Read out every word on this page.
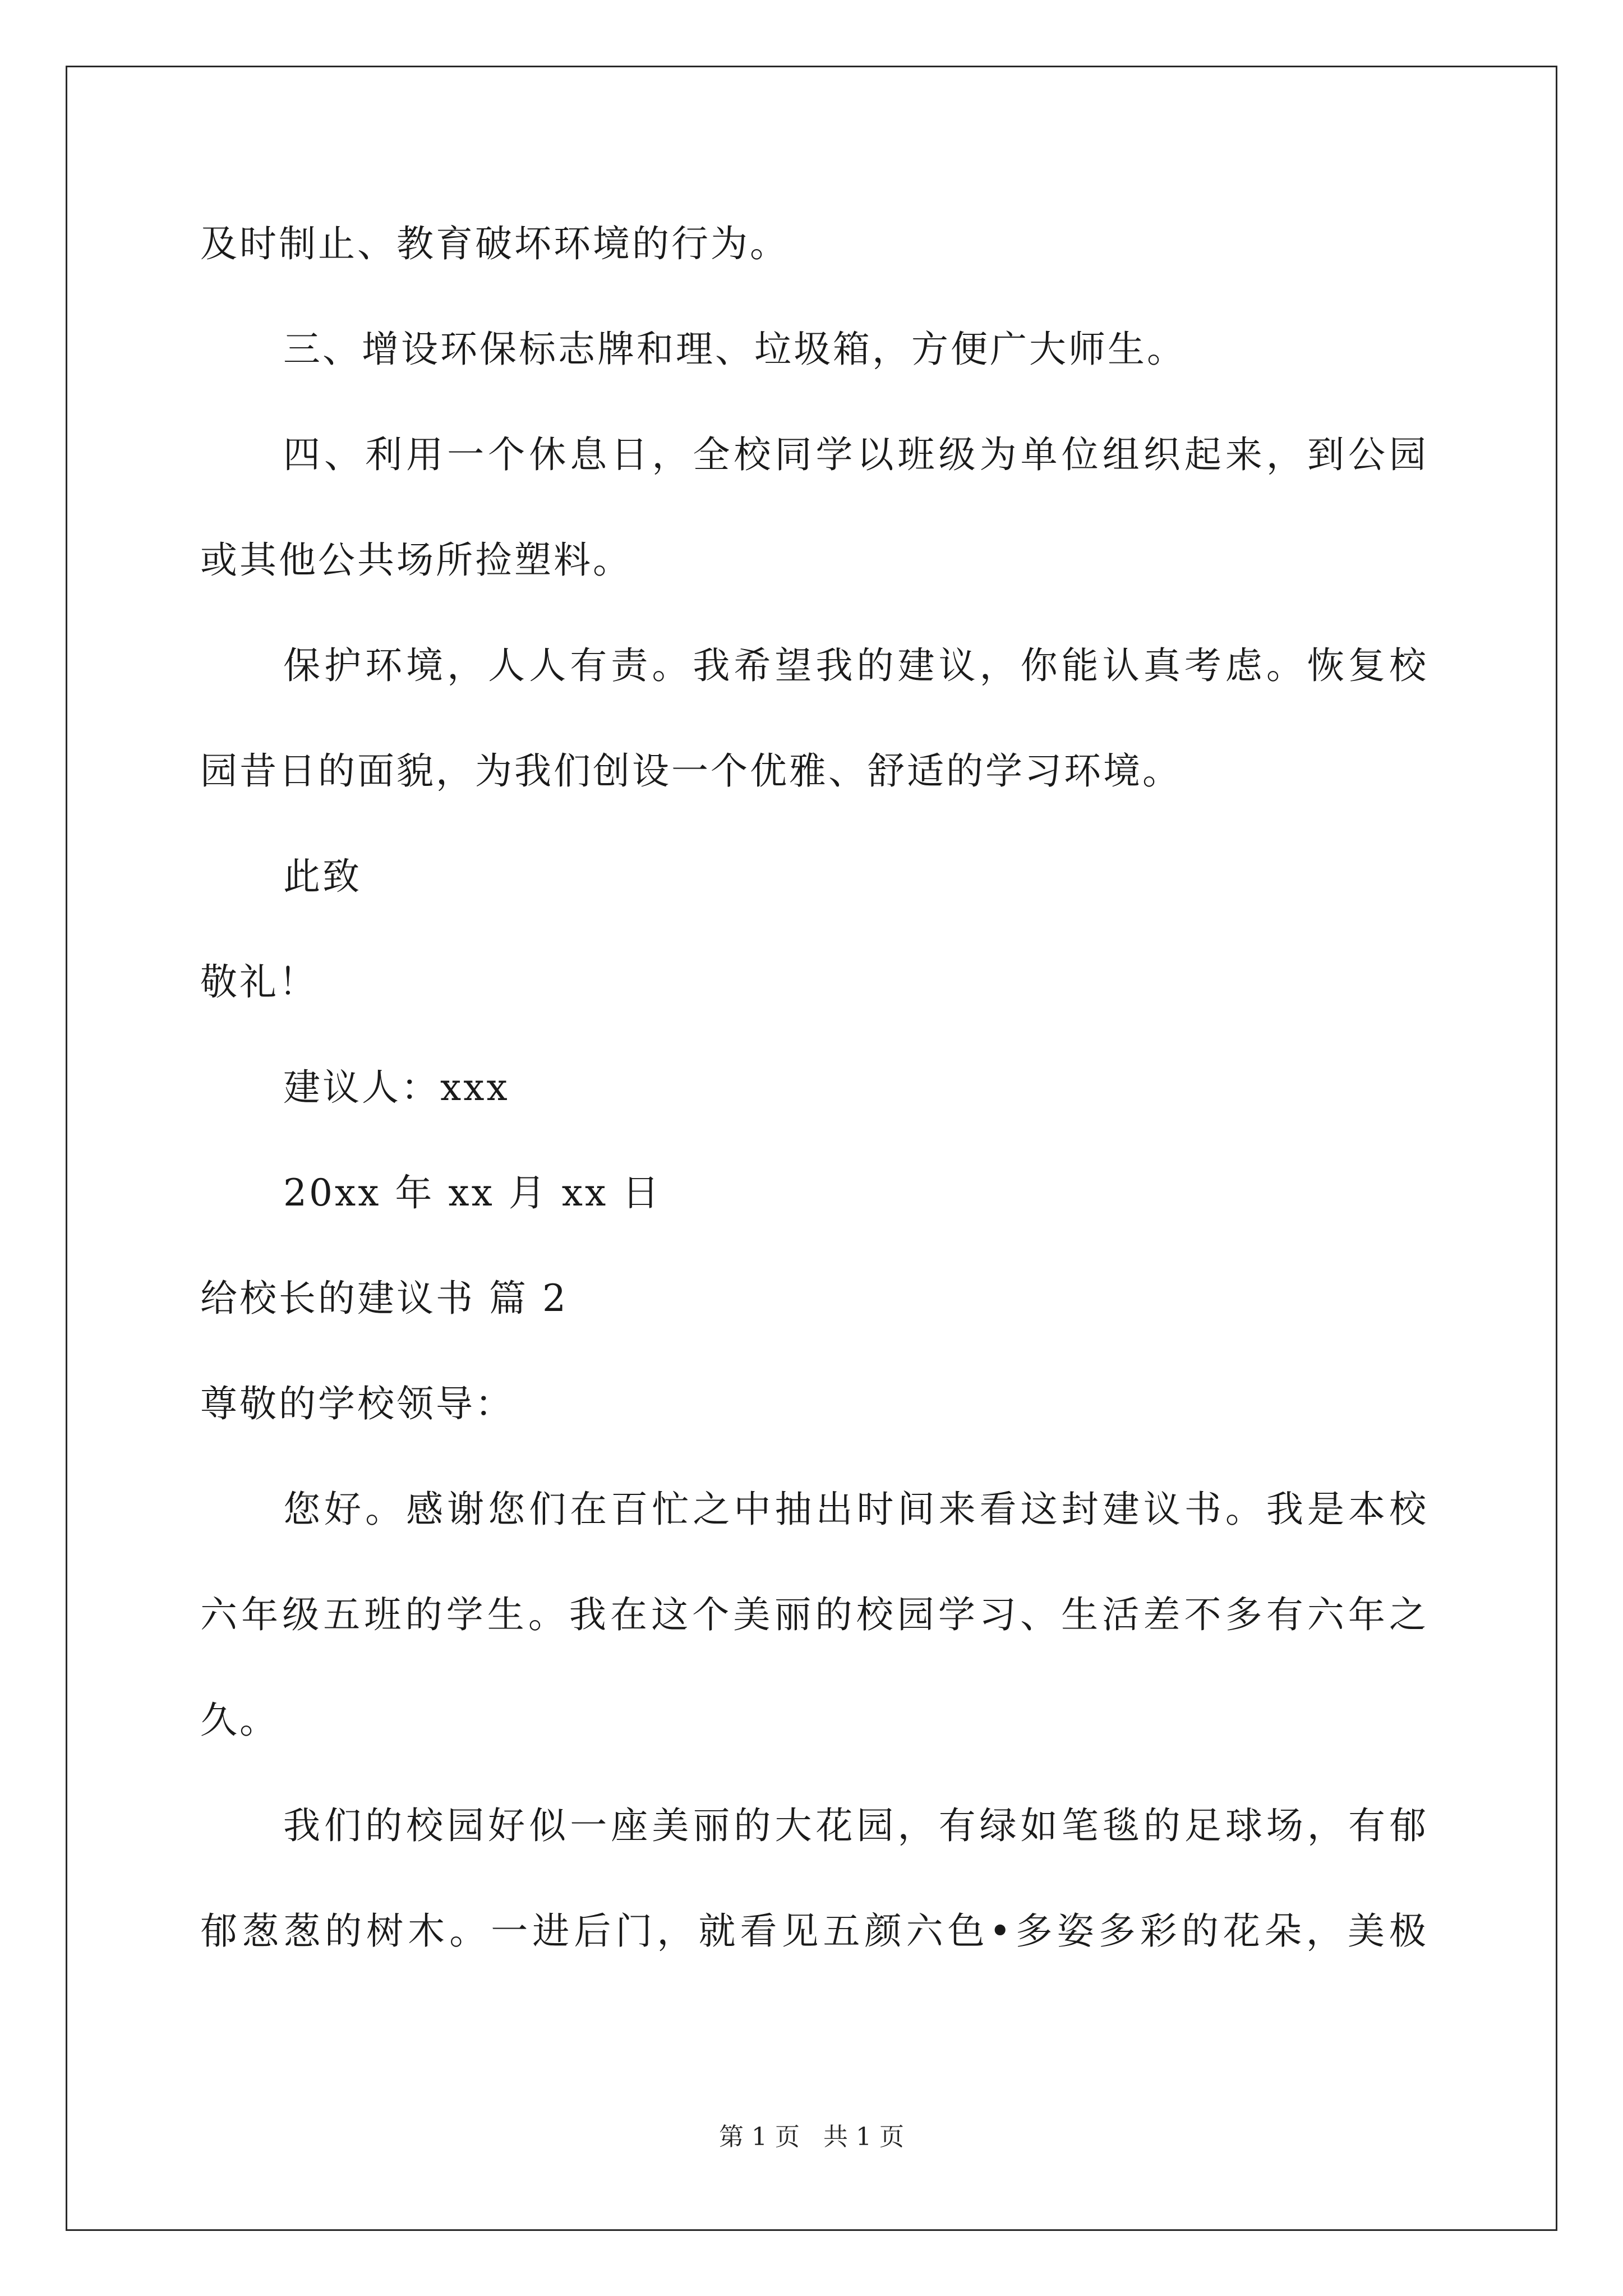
及时制止、教育破坏环境的行为。
三、增设环保标志牌和理、垃圾箱，方便广大师生。
四、利用一个休息日，全校同学以班级为单位组织起来，到公园
或其他公共场所捡塑料。
保护环境，人人有责。我希望我的建议，你能认真考虑。恢复校
园昔日的面貌，为我们创设一个优雅、舒适的学习环境。
此致
敬礼！
建议人：xxx
20xx 年 xx 月 xx 日
给校长的建议书 篇 2
尊敬的学校领导：
您好。感谢您们在百忙之中抽出时间来看这封建议书。我是本校
六年级五班的学生。我在这个美丽的校园学习、生活差不多有六年之
久。
我们的校园好似一座美丽的大花园，有绿如笔毯的足球场，有郁
郁葱葱的树木。一进后门，就看见五颜六色•多姿多彩的花朵，美极
第 1 页   共 1 页
